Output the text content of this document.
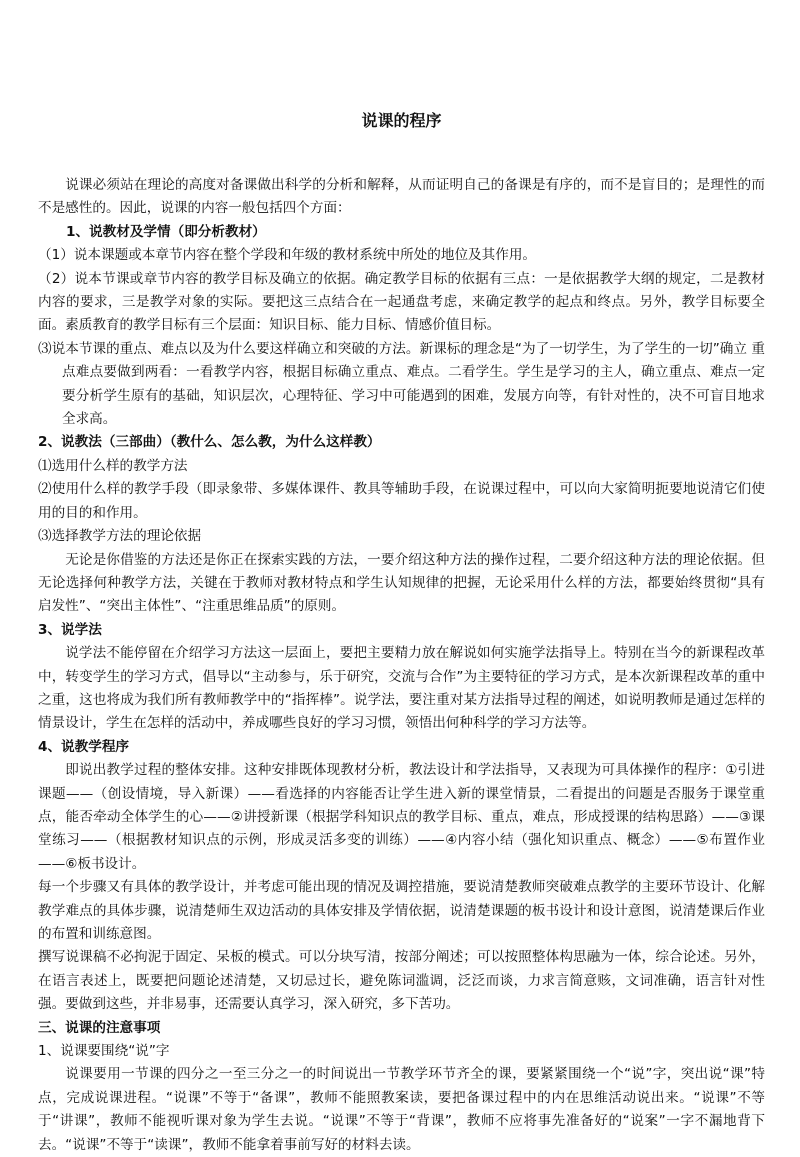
说课的程序

说课必须站在理论的高度对备课做出科学的分析和解释，从而证明自己的备课是有序的，而不是盲目的；是理性的而不是感性的。因此，说课的内容一般包括四个方面：

1、说教材及学情（即分析教材）

（1）说本课题或本章节内容在整个学段和年级的教材系统中所处的地位及其作用。

（2）说本节课或章节内容的教学目标及确立的依据。确定教学目标的依据有三点：一是依据教学大纲的规定，二是教材内容的要求，三是教学对象的实际。要把这三点结合在一起通盘考虑，来确定教学的起点和终点。另外，教学目标要全面。素质教育的教学目标有三个层面：知识目标、能力目标、情感价值目标。

⑶说本节课的重点、难点以及为什么要这样确立和突破的方法。新课标的理念是“为了一切学生，为了学生的一切”确立 重点难点要做到两看：一看教学内容，根据目标确立重点、难点。二看学生。学生是学习的主人，确立重点、难点一定要分析学生原有的基础，知识层次，心理特征、学习中可能遇到的困难，发展方向等，有针对性的，决不可盲目地求全求高。

2、说教法（三部曲）（教什么、怎么教，为什么这样教）

⑴选用什么样的教学方法

⑵使用什么样的教学手段（即录象带、多媒体课件、教具等辅助手段，在说课过程中，可以向大家简明扼要地说清它们使用的目的和作用。

⑶选择教学方法的理论依据

无论是你借鉴的方法还是你正在探索实践的方法，一要介绍这种方法的操作过程，二要介绍这种方法的理论依据。但无论选择何种教学方法，关键在于教师对教材特点和学生认知规律的把握，无论采用什么样的方法，都要始终贯彻“具有启发性”、“突出主体性”、“注重思维品质”的原则。

3、说学法

说学法不能停留在介绍学习方法这一层面上，要把主要精力放在解说如何实施学法指导上。特别在当今的新课程改革中，转变学生的学习方式，倡导以“主动参与，乐于研究，交流与合作”为主要特征的学习方式，是本次新课程改革的重中之重，这也将成为我们所有教师教学中的“指挥棒”。说学法，要注重对某方法指导过程的阐述，如说明教师是通过怎样的情景设计，学生在怎样的活动中，养成哪些良好的学习习惯，领悟出何种科学的学习方法等。

4、说教学程序

即说出教学过程的整体安排。这种安排既体现教材分析，教法设计和学法指导，又表现为可具体操作的程序：①引进课题——（创设情境，导入新课）——看选择的内容能否让学生进入新的课堂情景，二看提出的问题是否服务于课堂重点，能否牵动全体学生的心——②讲授新课（根据学科知识点的教学目标、重点，难点，形成授课的结构思路）——③课堂练习——（根据教材知识点的示例，形成灵活多变的训练）——④内容小结（强化知识重点、概念）——⑤布置作业——⑥板书设计。

每一个步骤又有具体的教学设计，并考虑可能出现的情况及调控措施，要说清楚教师突破难点教学的主要环节设计、化解教学难点的具体步骤，说清楚师生双边活动的具体安排及学情依据，说清楚课题的板书设计和设计意图，说清楚课后作业的布置和训练意图。

撰写说课稿不必拘泥于固定、呆板的模式。可以分块写清，按部分阐述；可以按照整体构思融为一体，综合论述。另外，在语言表述上，既要把问题论述清楚，又切忌过长，避免陈词滥调，泛泛而谈，力求言简意赅，文词准确，语言针对性强。要做到这些，并非易事，还需要认真学习，深入研究，多下苦功。

三、说课的注意事项

1、说课要围绕“说”字

说课要用一节课的四分之一至三分之一的时间说出一节教学环节齐全的课，要紧紧围绕一个“说”字，突出说“课”特点，完成说课进程。“说课”不等于“备课”，教师不能照教案读，要把备课过程中的内在思维活动说出来。“说课”不等于“讲课”，教师不能视听课对象为学生去说。“说课”不等于“背课”，教师不应将事先准备好的“说案”一字不漏地背下去。“说课”不等于“读课”，教师不能拿着事前写好的材料去读。
